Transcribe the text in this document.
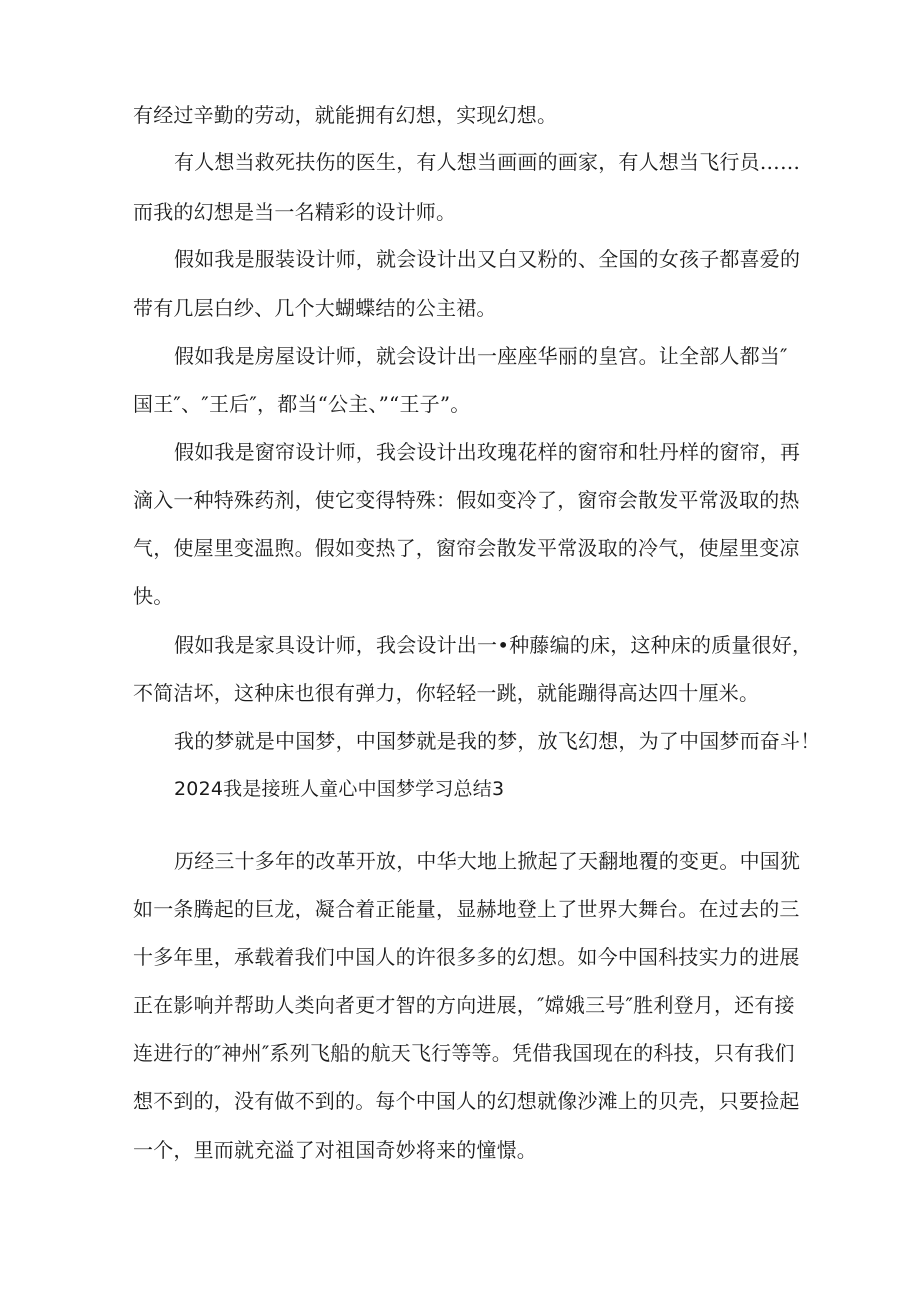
有经过辛勤的劳动，就能拥有幻想，实现幻想。
有人想当救死扶伤的医生，有人想当画画的画家，有人想当飞行员……
而我的幻想是当一名精彩的设计师。
假如我是服装设计师，就会设计出又白又粉的、全国的女孩子都喜爱的
带有几层白纱、几个大蝴蝶结的公主裙。
假如我是房屋设计师，就会设计出一座座华丽的皇宫。让全部人都当″
国王″、″王后″，都当“公主、”“王子”。
假如我是窗帘设计师，我会设计出玫瑰花样的窗帘和牡丹样的窗帘，再
滴入一种特殊药剂，使它变得特殊：假如变冷了，窗帘会散发平常汲取的热
气，使屋里变温煦。假如变热了，窗帘会散发平常汲取的冷气，使屋里变凉
快。
假如我是家具设计师，我会设计出一•种藤编的床，这种床的质量很好，
不简洁坏，这种床也很有弹力，你轻轻一跳，就能蹦得高达四十厘米。
我的梦就是中国梦，中国梦就是我的梦，放飞幻想，为了中国梦而奋斗！
2024我是接班人童心中国梦学习总结3
历经三十多年的改革开放，中华大地上掀起了天翻地覆的变更。中国犹
如一条腾起的巨龙，凝合着正能量，显赫地登上了世界大舞台。在过去的三
十多年里，承载着我们中国人的许很多多的幻想。如今中国科技实力的进展
正在影响并帮助人类向者更才智的方向进展，″嫦娥三号″胜利登月，还有接
连进行的″神州″系列飞船的航天飞行等等。凭借我国现在的科技，只有我们
想不到的，没有做不到的。每个中国人的幻想就像沙滩上的贝壳，只要捡起
一个，里而就充溢了对祖国奇妙将来的憧憬。
